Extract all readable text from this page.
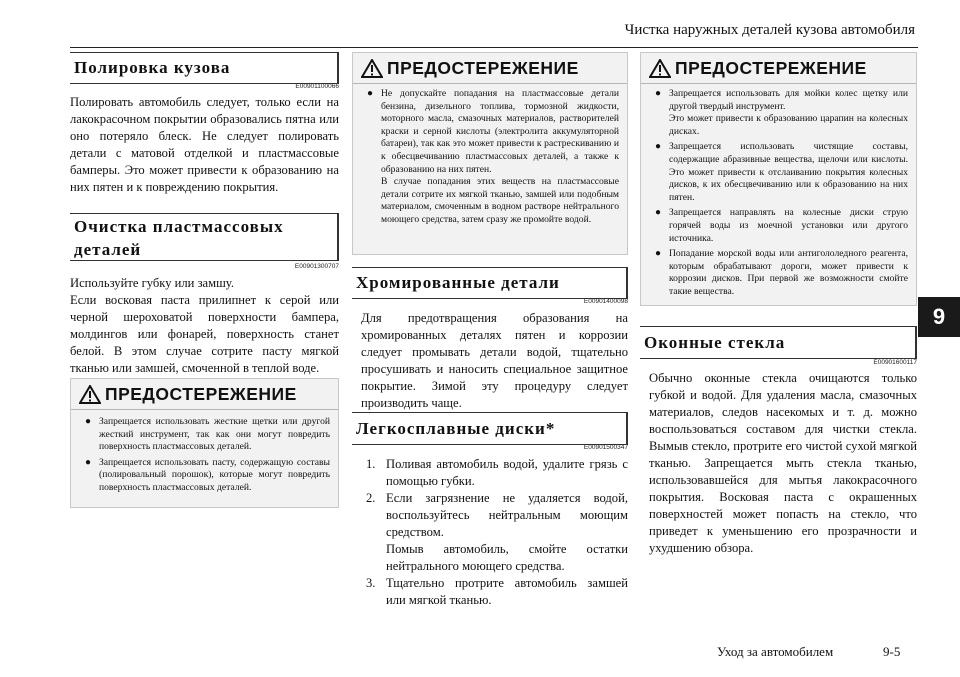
Чистка наружных деталей кузова автомобиля
9
Уход за автомобилем	9-5
Полировка кузова
E00901100066

Полировать автомобиль следует, только если на лакокрасочном покрытии образовались пятна или оно потеряло блеск. Не следует полировать детали с матовой отделкой и пластмассовые бамперы. Это может привести к образованию на них пятен и к повреждению покрытия.

Очистка пластмассовых
деталей
E00901300707

Используйте губку или замшу.

Если восковая паста прилипнет к серой или черной шероховатой поверхности бампера, молдингов или фонарей, поверхность станет белой. В этом случае сотрите пасту мягкой тканью или замшей, смоченной в теплой воде.

ПРЕДОСТЕРЕЖЕНИЕ
● Запрещается использовать жесткие щетки или другой жесткий инструмент, так как они могут повредить поверхность пластмассовых деталей.
● Запрещается использовать пасту, содержащую составы (полировальный порошок), которые могут повредить поверхность пластмассовых деталей.
ПРЕДОСТЕРЕЖЕНИЕ
● Не допускайте попадания на пластмассовые детали бензина, дизельного топлива, тормозной жидкости, моторного масла, смазочных материалов, растворителей краски и серной кислоты (электролита аккумуляторной батареи), так как это может привести к растрескиванию и к обесцвечиванию пластмассовых деталей, а также к образованию на них пятен.
В случае попадания этих веществ на пластмассовые детали сотрите их мягкой тканью, замшей или подобным материалом, смоченным в водном растворе нейтрального моющего средства, затем сразу же промойте водой.
Хромированные детали
E00901400098

Для предотвращения образования на хромированных деталях пятен и коррозии следует промывать детали водой, тщательно просушивать и наносить специальное защитное покрытие. Зимой эту процедуру следует производить чаще.

Легкосплавные диски*
E00901500347
1. Поливая автомобиль водой, удалите грязь с помощью губки.
2. Если загрязнение не удаляется водой, воспользуйтесь нейтральным моющим средством.
Помыв автомобиль, смойте остатки нейтрального моющего средства.
3. Тщательно протрите автомобиль замшей или мягкой тканью.
ПРЕДОСТЕРЕЖЕНИЕ
● Запрещается использовать для мойки колес щетку или другой твердый инструмент.
Это может привести к образованию царапин на колесных дисках.
● Запрещается использовать чистящие составы, содержащие абразивные вещества, щелочи или кислоты. Это может привести к отслаиванию покрытия колесных дисков, к их обесцвечиванию или к образованию на них пятен.
● Запрещается направлять на колесные диски струю горячей воды из моечной установки или другого источника.
● Попадание морской воды или антигололедного реагента, которым обрабатывают дороги, может привести к коррозии дисков. При первой же возможности смойте такие вещества.
Оконные стекла
E00901600117

Обычно оконные стекла очищаются только губкой и водой. Для удаления масла, смазочных материалов, следов насекомых и т. д. можно воспользоваться составом для чистки стекла. Вымыв стекло, протрите его чистой сухой мягкой тканью. Запрещается мыть стекла тканью, использовавшейся для мытья лакокрасочного покрытия. Восковая паста с окрашенных поверхностей может попасть на стекло, что приведет к уменьшению его прозрачности и ухудшению обзора.
